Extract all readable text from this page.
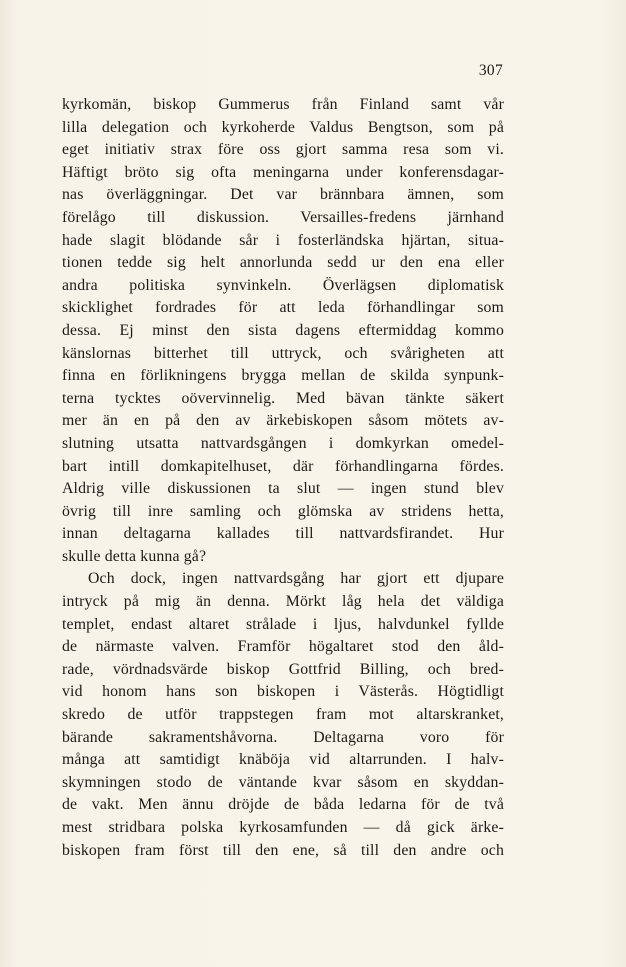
307
kyrkomän, biskop Gummerus från Finland samt vår
lilla delegation och kyrkoherde Valdus Bengtson, som på
eget initiativ strax före oss gjort samma resa som vi.
Häftigt bröto sig ofta meningarna under konferensdagar-
nas överläggningar. Det var brännbara ämnen, som
förelågo till diskussion. Versailles-fredens järnhand
hade slagit blödande sår i fosterländska hjärtan, situa-
tionen tedde sig helt annorlunda sedd ur den ena eller
andra politiska synvinkeln. Överlägsen diplomatisk
skicklighet fordrades för att leda förhandlingar som
dessa. Ej minst den sista dagens eftermiddag kommo
känslornas bitterhet till uttryck, och svårigheten att
finna en förlikningens brygga mellan de skilda synpunk-
terna tycktes oövervinnelig. Med bävan tänkte säkert
mer än en på den av ärkebiskopen såsom mötets av-
slutning utsatta nattvardsgången i domkyrkan omedel-
bart intill domkapitelhuset, där förhandlingarna fördes.
Aldrig ville diskussionen ta slut — ingen stund blev
övrig till inre samling och glömska av stridens hetta,
innan deltagarna kallades till nattvardsfirandet. Hur
skulle detta kunna gå?
Och dock, ingen nattvardsgång har gjort ett djupare
intryck på mig än denna. Mörkt låg hela det väldiga
templet, endast altaret strålade i ljus, halvdunkel fyllde
de närmaste valven. Framför högaltaret stod den åld-
rade, vördnadsvärde biskop Gottfrid Billing, och bred-
vid honom hans son biskopen i Västerås. Högtidligt
skredo de utför trappstegen fram mot altarskranket,
bärande sakramentshåvorna. Deltagarna voro för
många att samtidigt knäböja vid altarrunden. I halv-
skymningen stodo de väntande kvar såsom en skyddan-
de vakt. Men ännu dröjde de båda ledarna för de två
mest stridbara polska kyrkosamfunden — då gick ärke-
biskopen fram först till den ene, så till den andre och
